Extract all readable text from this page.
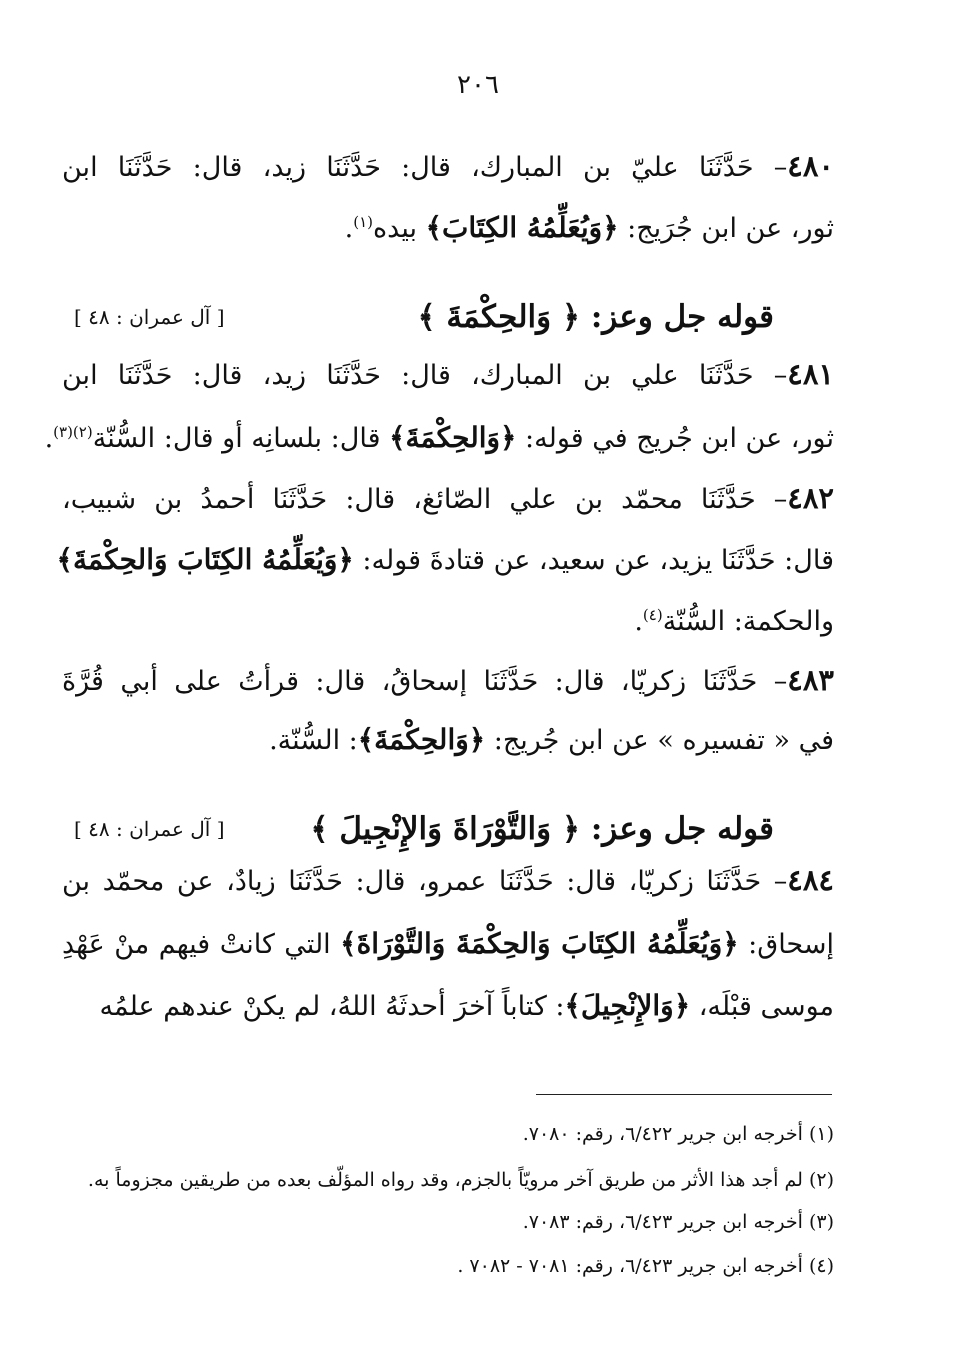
٢٠٦
٤٨٠– حَدَّثَنَا عليّ بن المبارك، قال: حَدَّثَنَا زيد، قال: حَدَّثَنَا ابن
ثور، عن ابن جُرَيج: ﴿وَيُعَلِّمُهُ الكِتَابَ﴾ بيده$^{(١)}$.
قوله جل وعز: ﴿ وَالحِكْمَةَ ﴾
[ آل عمران : ٤٨ ]
٤٨١– حَدَّثَنَا علي بن المبارك، قال: حَدَّثَنَا زيد، قال: حَدَّثَنَا ابن
ثور، عن ابن جُريج في قوله: ﴿وَالحِكْمَةَ﴾ قال: بلسانِه أو قال: السُّنّة$^{(٢)(٣)}$.
٤٨٢– حَدَّثَنَا محمّد بن علي الصّائغ، قال: حَدَّثَنَا أحمدُ بن شبيب،
قال: حَدَّثَنَا يزيد، عن سعيد، عن قتادةَ قوله: ﴿وَيُعَلِّمُهُ الكِتَابَ وَالحِكْمَةَ﴾
والحكمة: السُّنّة$^{(٤)}$.
٤٨٣– حَدَّثَنَا زكريّا، قال: حَدَّثَنَا إسحاقُ، قال: قرأتُ على أبي قُرَّةَ
في « تفسيره » عن ابن جُريج: ﴿وَالحِكْمَةَ﴾: السُّنّة.
قوله جل وعز: ﴿ وَالتَّوْرَاةَ وَالإِنْجِيلَ ﴾
[ آل عمران : ٤٨ ]
٤٨٤– حَدَّثَنَا زكريّا، قال: حَدَّثَنَا عمرو، قال: حَدَّثَنَا زيادٌ، عن محمّد بن
إسحاق: ﴿وَيُعَلِّمُهُ الكِتَابَ وَالحِكْمَةَ وَالتَّوْرَاةَ﴾ التي كانتْ فيهم منْ عَهْدِ
موسى قبْلَه، ﴿وَالإِنْجِيلَ﴾: كتاباً آخرَ أحدثَهُ اللهُ، لم يكنْ عندهم علمُه
(١) أخرجه ابن جرير ٦/٤٢٢، رقم: ٧٠٨٠.
(٢) لم أجد هذا الأثر من طريق آخر مرويّاً بالجزم، وقد رواه المؤلّف بعده من طريقين مجزوماً به.
(٣) أخرجه ابن جرير ٦/٤٢٣، رقم: ٧٠٨٣.
(٤) أخرجه ابن جرير ٦/٤٢٣، رقم: ٧٠٨١ - ٧٠٨٢ .
